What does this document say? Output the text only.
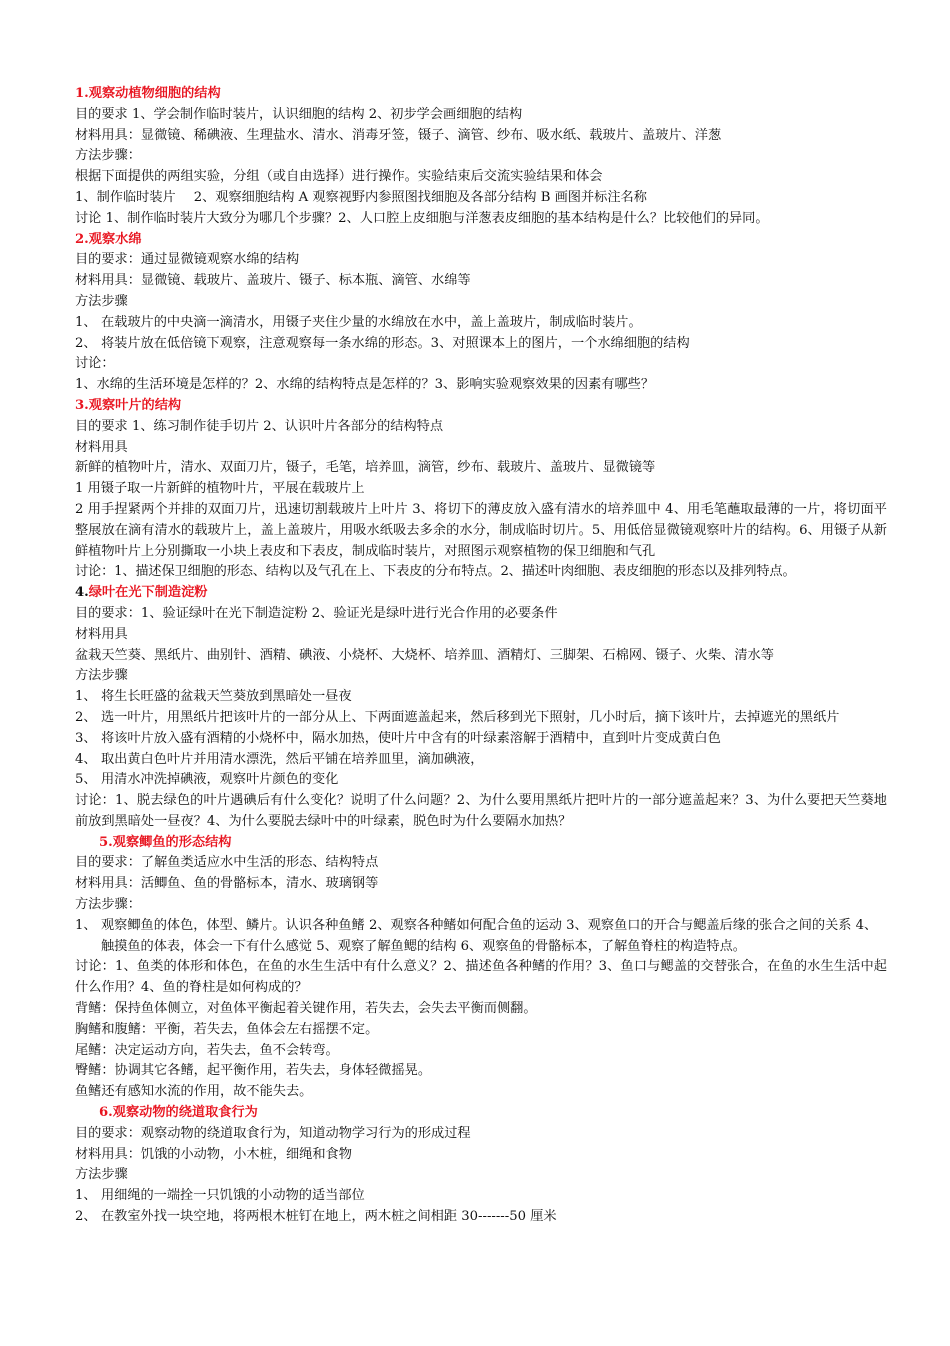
1.观察动植物细胞的结构
目的要求 1、学会制作临时装片，认识细胞的结构 2、初步学会画细胞的结构
材料用具：显微镜、稀碘液、生理盐水、清水、消毒牙签，镊子、滴管、纱布、吸水纸、载玻片、盖玻片、洋葱
方法步骤：
根据下面提供的两组实验，分组（或自由选择）进行操作。实验结束后交流实验结果和体会
1、制作临时装片 2、观察细胞结构 A 观察视野内参照图找细胞及各部分结构 B 画图并标注名称
讨论 1、制作临时装片大致分为哪几个步骤？2、人口腔上皮细胞与洋葱表皮细胞的基本结构是什么？比较他们的异同。
2.观察水绵
目的要求：通过显微镜观察水绵的结构
材料用具：显微镜、载玻片、盖玻片、镊子、标本瓶、滴管、水绵等
方法步骤
1、 在载玻片的中央滴一滴清水，用镊子夹住少量的水绵放在水中，盖上盖玻片，制成临时装片。
2、 将装片放在低倍镜下观察，注意观察每一条水绵的形态。3、对照课本上的图片，一个水绵细胞的结构
讨论：
1、水绵的生活环境是怎样的？2、水绵的结构特点是怎样的？3、影响实验观察效果的因素有哪些？
3.观察叶片的结构
目的要求 1、练习制作徒手切片 2、认识叶片各部分的结构特点
材料用具
新鲜的植物叶片，清水、双面刀片，镊子，毛笔，培养皿，滴管，纱布、载玻片、盖玻片、显微镜等
1 用镊子取一片新鲜的植物叶片，平展在载玻片上
2 用手捏紧两个并排的双面刀片，迅速切割载玻片上叶片 3、将切下的薄皮放入盛有清水的培养皿中 4、用毛笔蘸取最薄的一片，将切面平整展放在滴有清水的载玻片上，盖上盖玻片，用吸水纸吸去多余的水分，制成临时切片。5、用低倍显微镜观察叶片的结构。6、用镊子从新鲜植物叶片上分别撕取一小块上表皮和下表皮，制成临时装片，对照图示观察植物的保卫细胞和气孔
讨论：1、描述保卫细胞的形态、结构以及气孔在上、下表皮的分布特点。2、描述叶肉细胞、表皮细胞的形态以及排列特点。
4.绿叶在光下制造淀粉
目的要求：1、验证绿叶在光下制造淀粉 2、验证光是绿叶进行光合作用的必要条件
材料用具
盆栽天竺葵、黑纸片、曲别针、酒精、碘液、小烧杯、大烧杯、培养皿、酒精灯、三脚架、石棉网、镊子、火柴、清水等
方法步骤
1、 将生长旺盛的盆栽天竺葵放到黑暗处一昼夜
2、 选一叶片，用黑纸片把该叶片的一部分从上、下两面遮盖起来，然后移到光下照射，几小时后，摘下该叶片，去掉遮光的黑纸片
3、 将该叶片放入盛有酒精的小烧杯中，隔水加热，使叶片中含有的叶绿素溶解于酒精中，直到叶片变成黄白色
4、 取出黄白色叶片并用清水漂洗，然后平铺在培养皿里，滴加碘液，
5、 用清水冲洗掉碘液，观察叶片颜色的变化
讨论：1、脱去绿色的叶片遇碘后有什么变化？说明了什么问题？2、为什么要用黑纸片把叶片的一部分遮盖起来？3、为什么要把天竺葵地前放到黑暗处一昼夜？4、为什么要脱去绿叶中的叶绿素，脱色时为什么要隔水加热？
5.观察鲫鱼的形态结构
目的要求：了解鱼类适应水中生活的形态、结构特点
材料用具：活鲫鱼、鱼的骨骼标本，清水、玻璃钢等
方法步骤：
1、 观察鲫鱼的体色，体型、鳞片。认识各种鱼鳍 2、观察各种鳍如何配合鱼的运动 3、观察鱼口的开合与鳃盖后缘的张合之间的关系 4、触摸鱼的体表，体会一下有什么感觉 5、观察了解鱼鳃的结构 6、观察鱼的骨骼标本，了解鱼脊柱的构造特点。
讨论：1、鱼类的体形和体色，在鱼的水生生活中有什么意义？2、描述鱼各种鳍的作用？3、鱼口与鳃盖的交替张合，在鱼的水生生活中起什么作用？4、鱼的脊柱是如何构成的？
背鳍：保持鱼体侧立，对鱼体平衡起着关键作用，若失去，会失去平衡而侧翻。
胸鳍和腹鳍：平衡，若失去，鱼体会左右摇摆不定。
尾鳍：决定运动方向，若失去，鱼不会转弯。
臀鳍：协调其它各鳍，起平衡作用，若失去，身体轻微摇晃。
鱼鳍还有感知水流的作用，故不能失去。
6.观察动物的绕道取食行为
目的要求：观察动物的绕道取食行为，知道动物学习行为的形成过程
材料用具：饥饿的小动物，小木桩，细绳和食物
方法步骤
1、 用细绳的一端拴一只饥饿的小动物的适当部位
2、 在教室外找一块空地，将两根木桩钉在地上，两木桩之间相距 30-------50 厘米
